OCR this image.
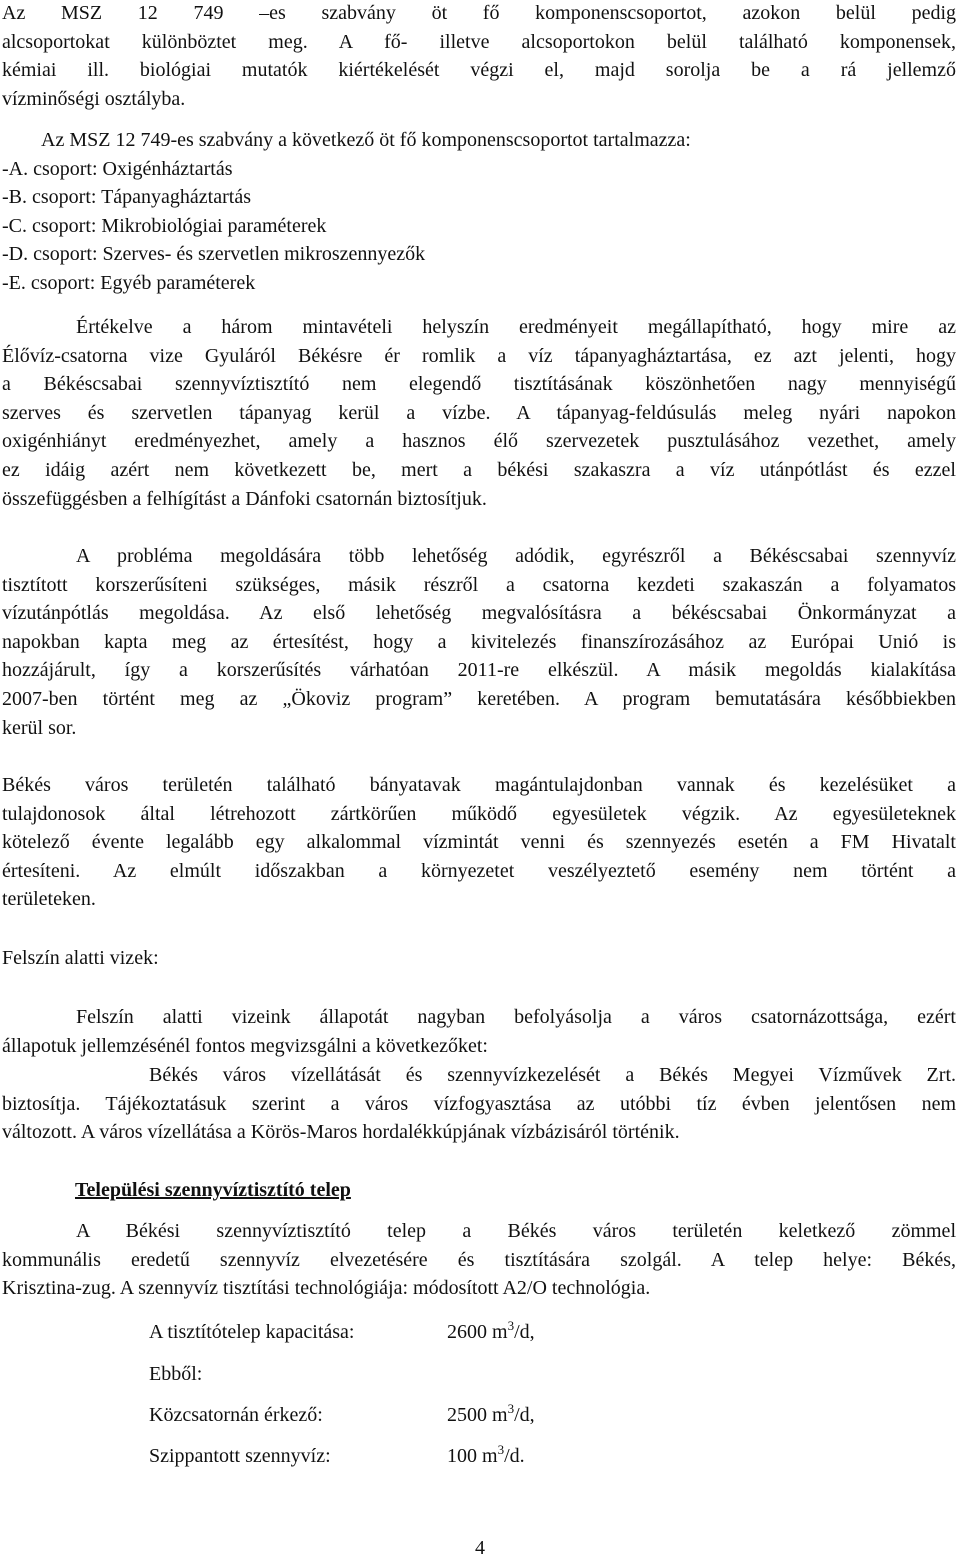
Az MSZ 12 749 –es szabvány öt fő komponenscsoportot, azokon belül pedig
alcsoportokat különböztet meg. A fő- illetve alcsoportokon belül található komponensek,
kémiai ill. biológiai mutatók kiértékelését végzi el, majd sorolja be a rá jellemző
vízminőségi osztályba.
Az MSZ 12 749-es szabvány a következő öt fő komponenscsoportot tartalmazza:
-A. csoport: Oxigénháztartás
-B. csoport: Tápanyagháztartás
-C. csoport: Mikrobiológiai paraméterek
-D. csoport: Szerves- és szervetlen mikroszennyezők
-E. csoport: Egyéb paraméterek
Értékelve a három mintavételi helyszín eredményeit megállapítható, hogy mire az
Élővíz-csatorna vize Gyuláról Békésre ér romlik a víz tápanyagháztartása, ez azt jelenti, hogy
a Békéscsabai szennyvíztisztító nem elegendő tisztításának köszönhetően nagy mennyiségű
szerves és szervetlen tápanyag kerül a vízbe. A tápanyag-feldúsulás meleg nyári napokon
oxigénhiányt eredményezhet, amely a hasznos élő szervezetek pusztulásához vezethet, amely
ez idáig azért nem következett be, mert a békési szakaszra a víz utánpótlást és ezzel
összefüggésben a felhígítást a Dánfoki csatornán biztosítjuk.
A probléma megoldására több lehetőség adódik, egyrészről a Békéscsabai szennyvíz
tisztított korszerűsíteni szükséges, másik részről a csatorna kezdeti szakaszán a folyamatos
vízutánpótlás megoldása. Az első lehetőség megvalósításra a békéscsabai Önkormányzat a
napokban kapta meg az értesítést, hogy a kivitelezés finanszírozásához az Európai Unió is
hozzájárult, így a korszerűsítés várhatóan 2011-re elkészül. A másik megoldás kialakítása
2007-ben történt meg az „Ökoviz program” keretében. A program bemutatására későbbiekben
kerül sor.
Békés város területén található bányatavak magántulajdonban vannak és kezelésüket a
tulajdonosok által létrehozott zártkörűen működő egyesületek végzik. Az egyesületeknek
kötelező évente legalább egy alkalommal vízmintát venni és szennyezés esetén a FM Hivatalt
értesíteni. Az elmúlt időszakban a környezetet veszélyeztető esemény nem történt a
területeken.
Felszín alatti vizek:
Felszín alatti vizeink állapotát nagyban befolyásolja a város csatornázottsága, ezért
állapotuk jellemzésénél fontos megvizsgálni a következőket:
Békés város vízellátását és szennyvízkezelését a Békés Megyei Vízművek Zrt.
biztosítja. Tájékoztatásuk szerint a város vízfogyasztása az utóbbi tíz évben jelentősen nem
változott. A város vízellátása a Körös-Maros hordalékkúpjának vízbázisáról történik.
Települési szennyvíztisztító telep
A Békési szennyvíztisztító telep a Békés város területén keletkező zömmel
kommunális eredetű szennyvíz elvezetésére és tisztítására szolgál. A telep helye: Békés,
Krisztina-zug. A szennyvíz tisztítási technológiája: módosított A2/O technológia.
A tisztítótelep kapacitása:	2600 $m^3/d$,
Ebből:
Közcsatornán érkező:	2500 $m^3/d$,
Szippantott szennyvíz:	100 $m^3/d$.
4
